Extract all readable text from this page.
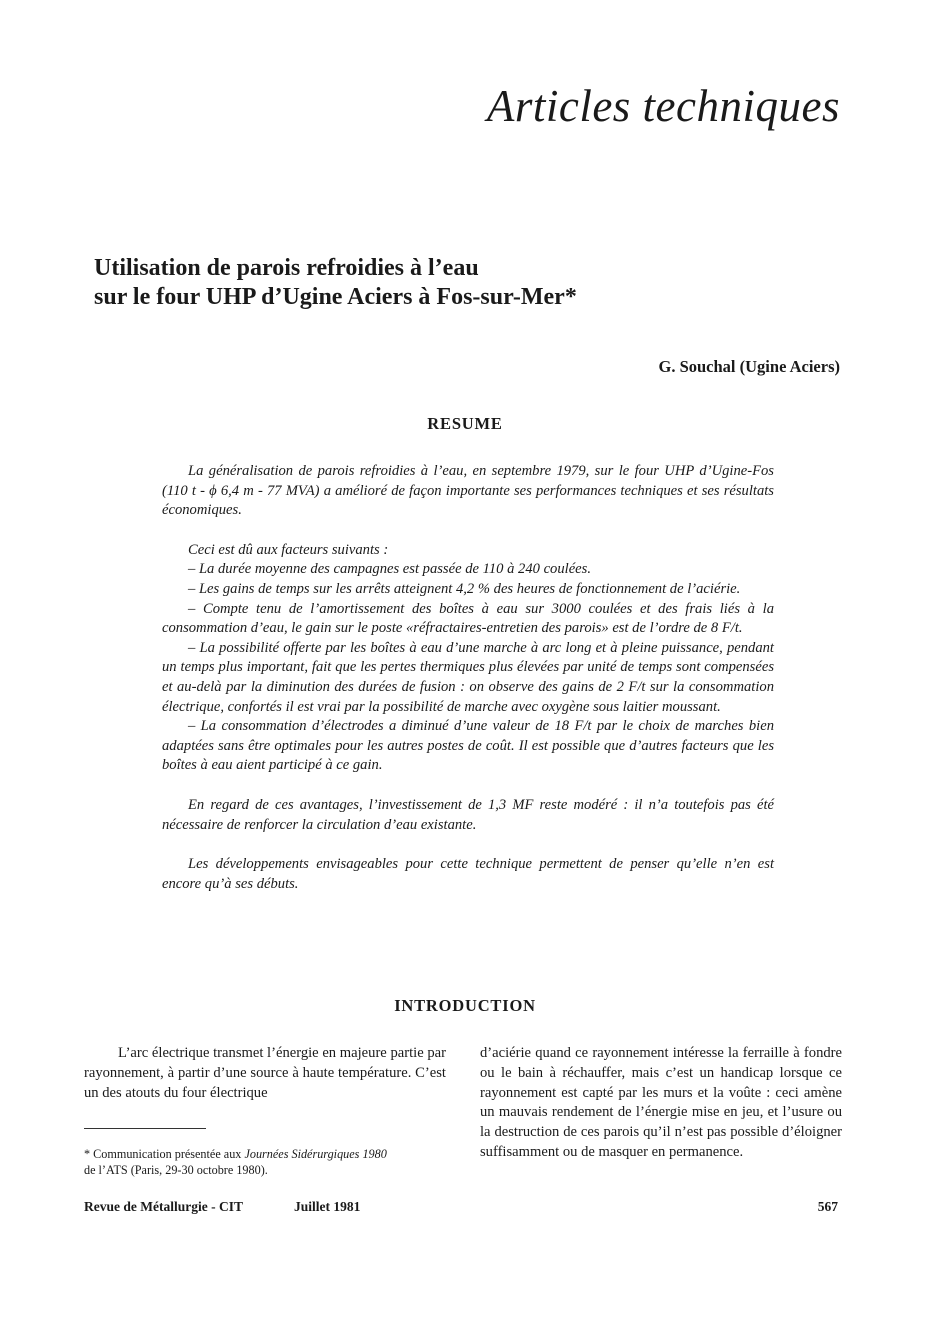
Articles techniques
Utilisation de parois refroidies à l’eau
sur le four UHP d’Ugine Aciers à Fos-sur-Mer*
G. Souchal (Ugine Aciers)
RESUME

La généralisation de parois refroidies à l’eau, en septembre 1979, sur le four UHP d’Ugine-Fos (110 t - ϕ 6,4 m - 77 MVA) a amélioré de façon importante ses performances techniques et ses résultats économiques.

Ceci est dû aux facteurs suivants :

– La durée moyenne des campagnes est passée de 110 à 240 coulées.

– Les gains de temps sur les arrêts atteignent 4,2 % des heures de fonctionnement de l’aciérie.

– Compte tenu de l’amortissement des boîtes à eau sur 3000 coulées et des frais liés à la consommation d’eau, le gain sur le poste «réfractaires-entretien des parois» est de l’ordre de 8 F/t.

– La possibilité offerte par les boîtes à eau d’une marche à arc long et à pleine puissance, pendant un temps plus important, fait que les pertes thermiques plus élevées par unité de temps sont compensées et au-delà par la diminution des durées de fusion : on observe des gains de 2 F/t sur la consommation électrique, confortés il est vrai par la possibilité de marche avec oxygène sous laitier moussant.

– La consommation d’électrodes a diminué d’une valeur de 18 F/t par le choix de marches bien adaptées sans être optimales pour les autres postes de coût. Il est possible que d’autres facteurs que les boîtes à eau aient participé à ce gain.

En regard de ces avantages, l’investissement de 1,3 MF reste modéré : il n’a toutefois pas été nécessaire de renforcer la circulation d’eau existante.

Les développements envisageables pour cette technique permettent de penser qu’elle n’en est encore qu’à ses débuts.

INTRODUCTION

L’arc électrique transmet l’énergie en majeure partie par rayonnement, à partir d’une source à haute température. C’est un des atouts du four électrique

d’aciérie quand ce rayonnement intéresse la ferraille à fondre ou le bain à réchauffer, mais c’est un handicap lorsque ce rayonnement est capté par les murs et la voûte : ceci amène un mauvais rendement de l’énergie mise en jeu, et l’usure ou la destruction de ces parois qu’il n’est pas possible d’éloigner suffisamment ou de masquer en permanence.

* Communication présentée aux Journées Sidérurgiques 1980
de l’ATS (Paris, 29-30 octobre 1980).
Revue de Métallurgie - CIT	Juillet 1981	567
